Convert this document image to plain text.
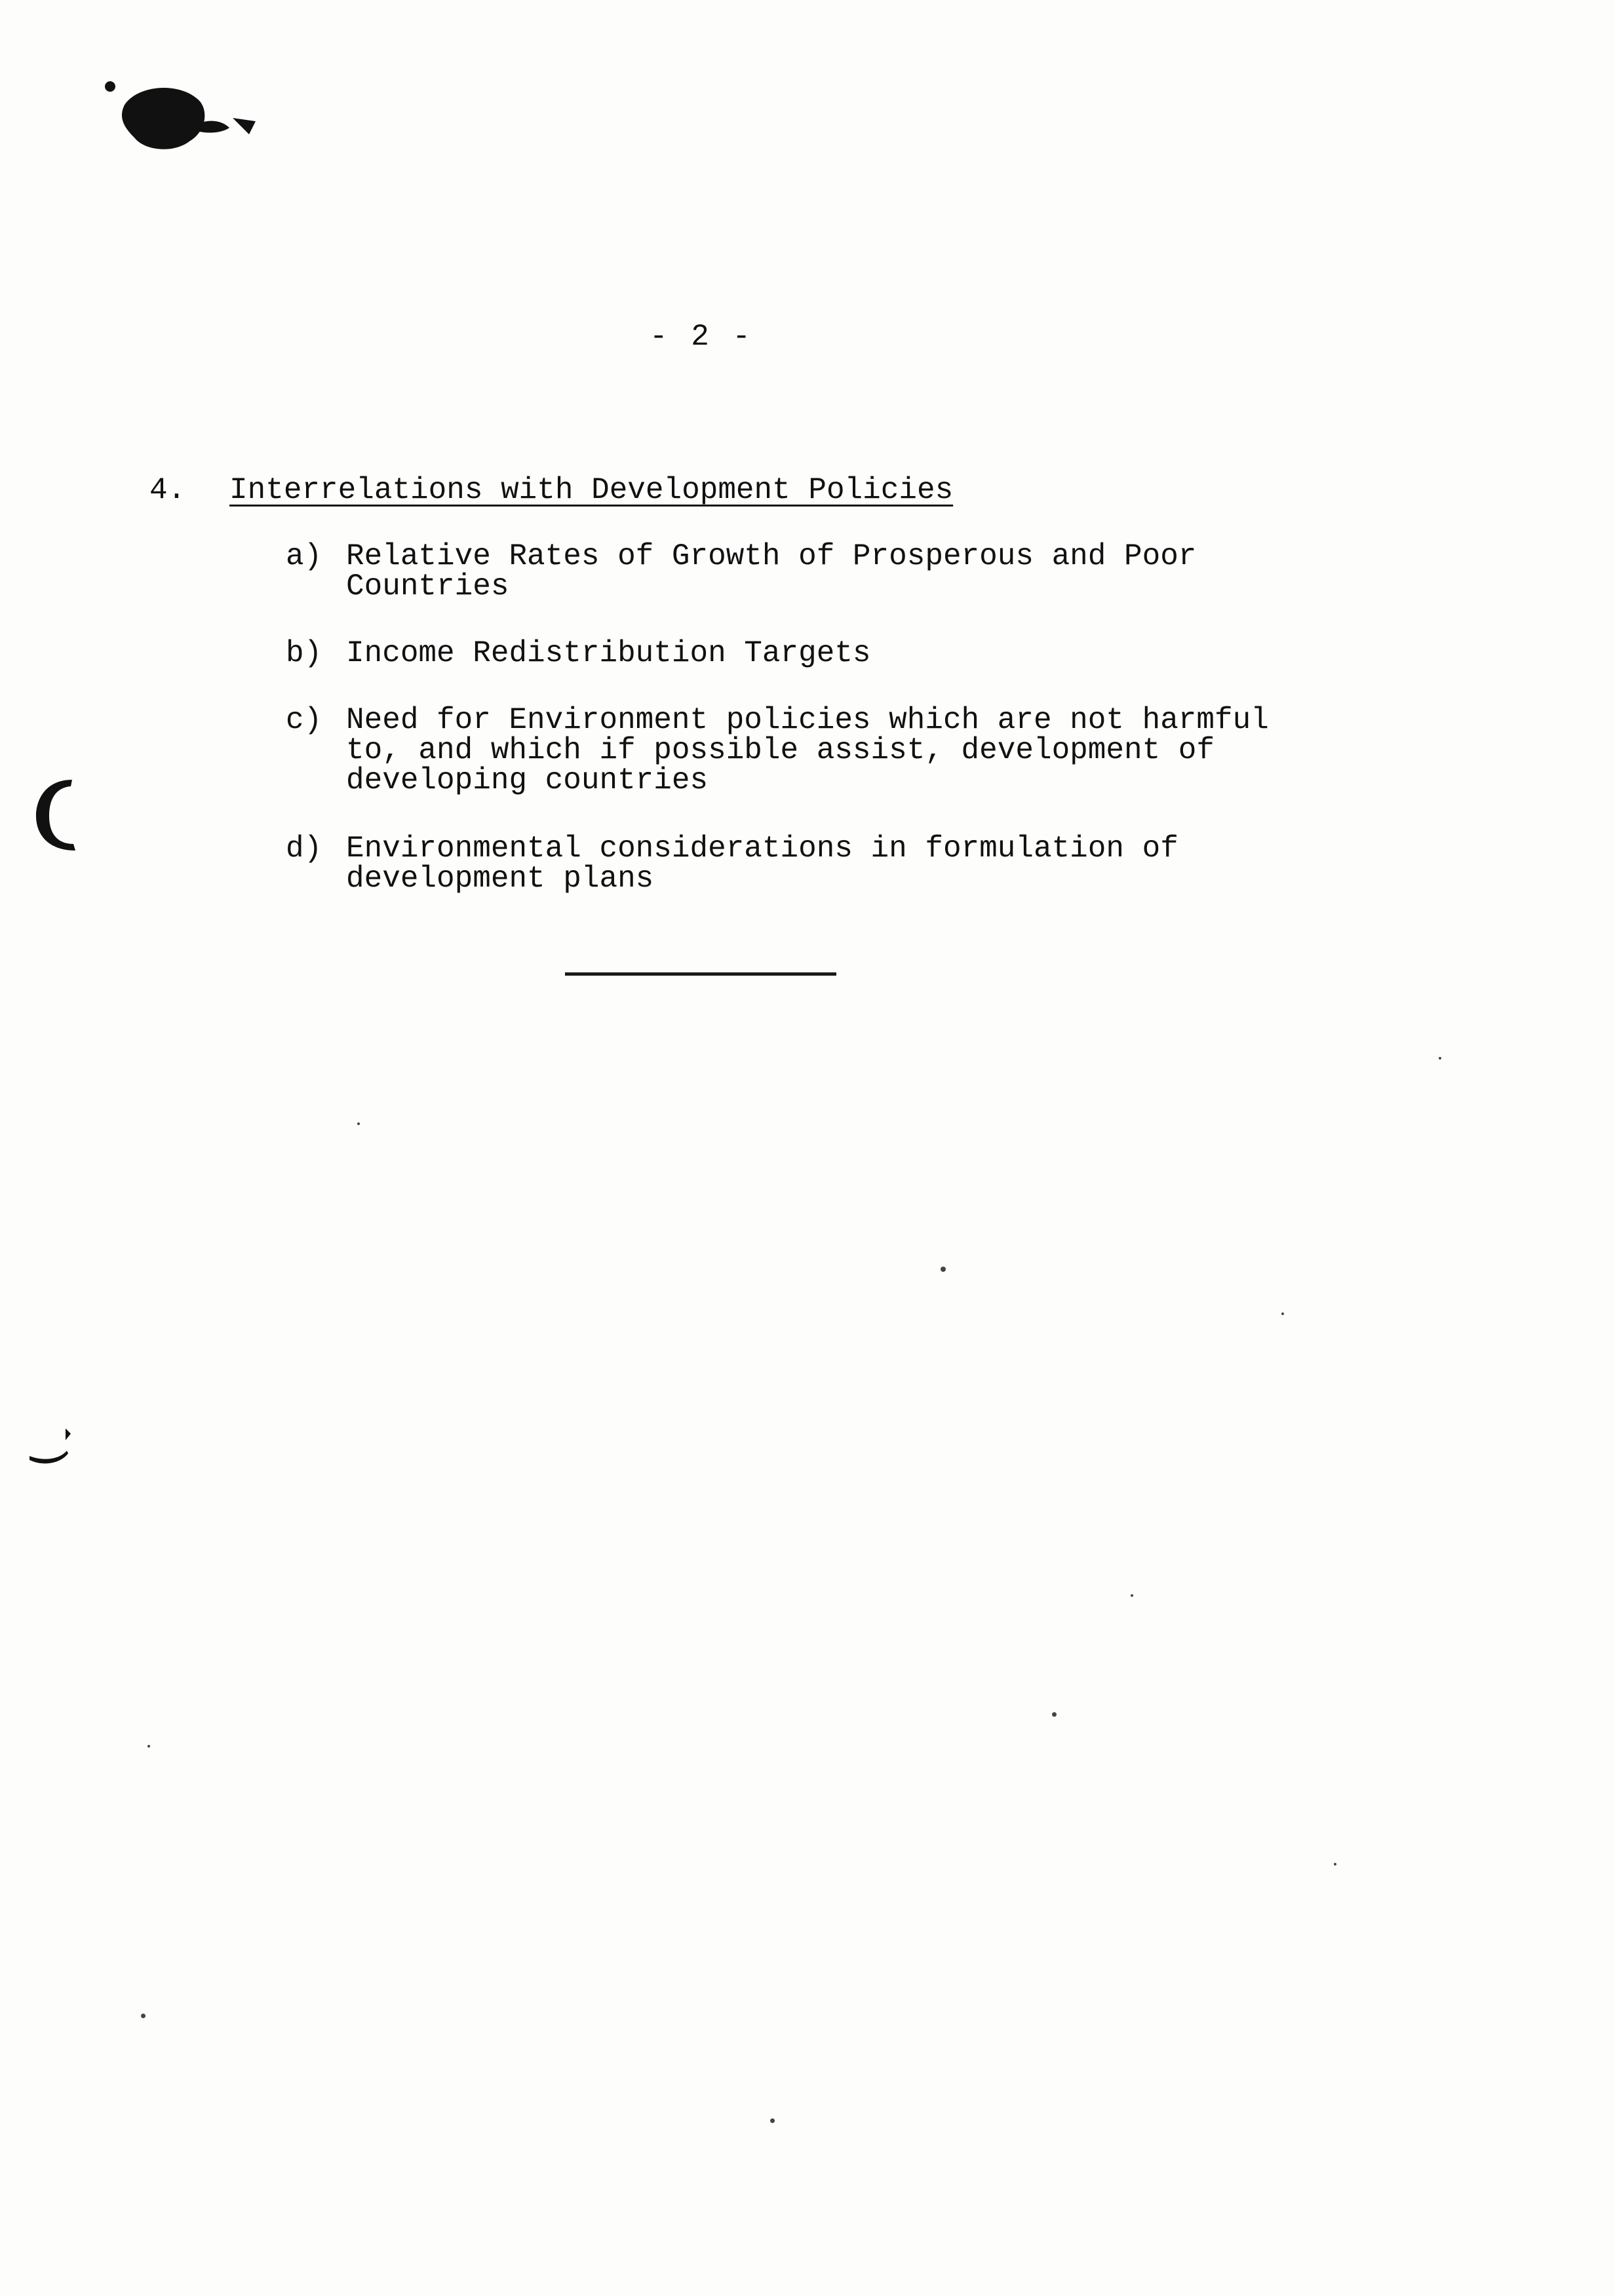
- 2 -
4. Interrelations with Development Policies
a) Relative Rates of Growth of Prosperous and Poor
Countries
b) Income Redistribution Targets
c) Need for Environment policies which are not harmful
to, and which if possible assist, development of
developing countries
d) Environmental considerations in formulation of
development plans
